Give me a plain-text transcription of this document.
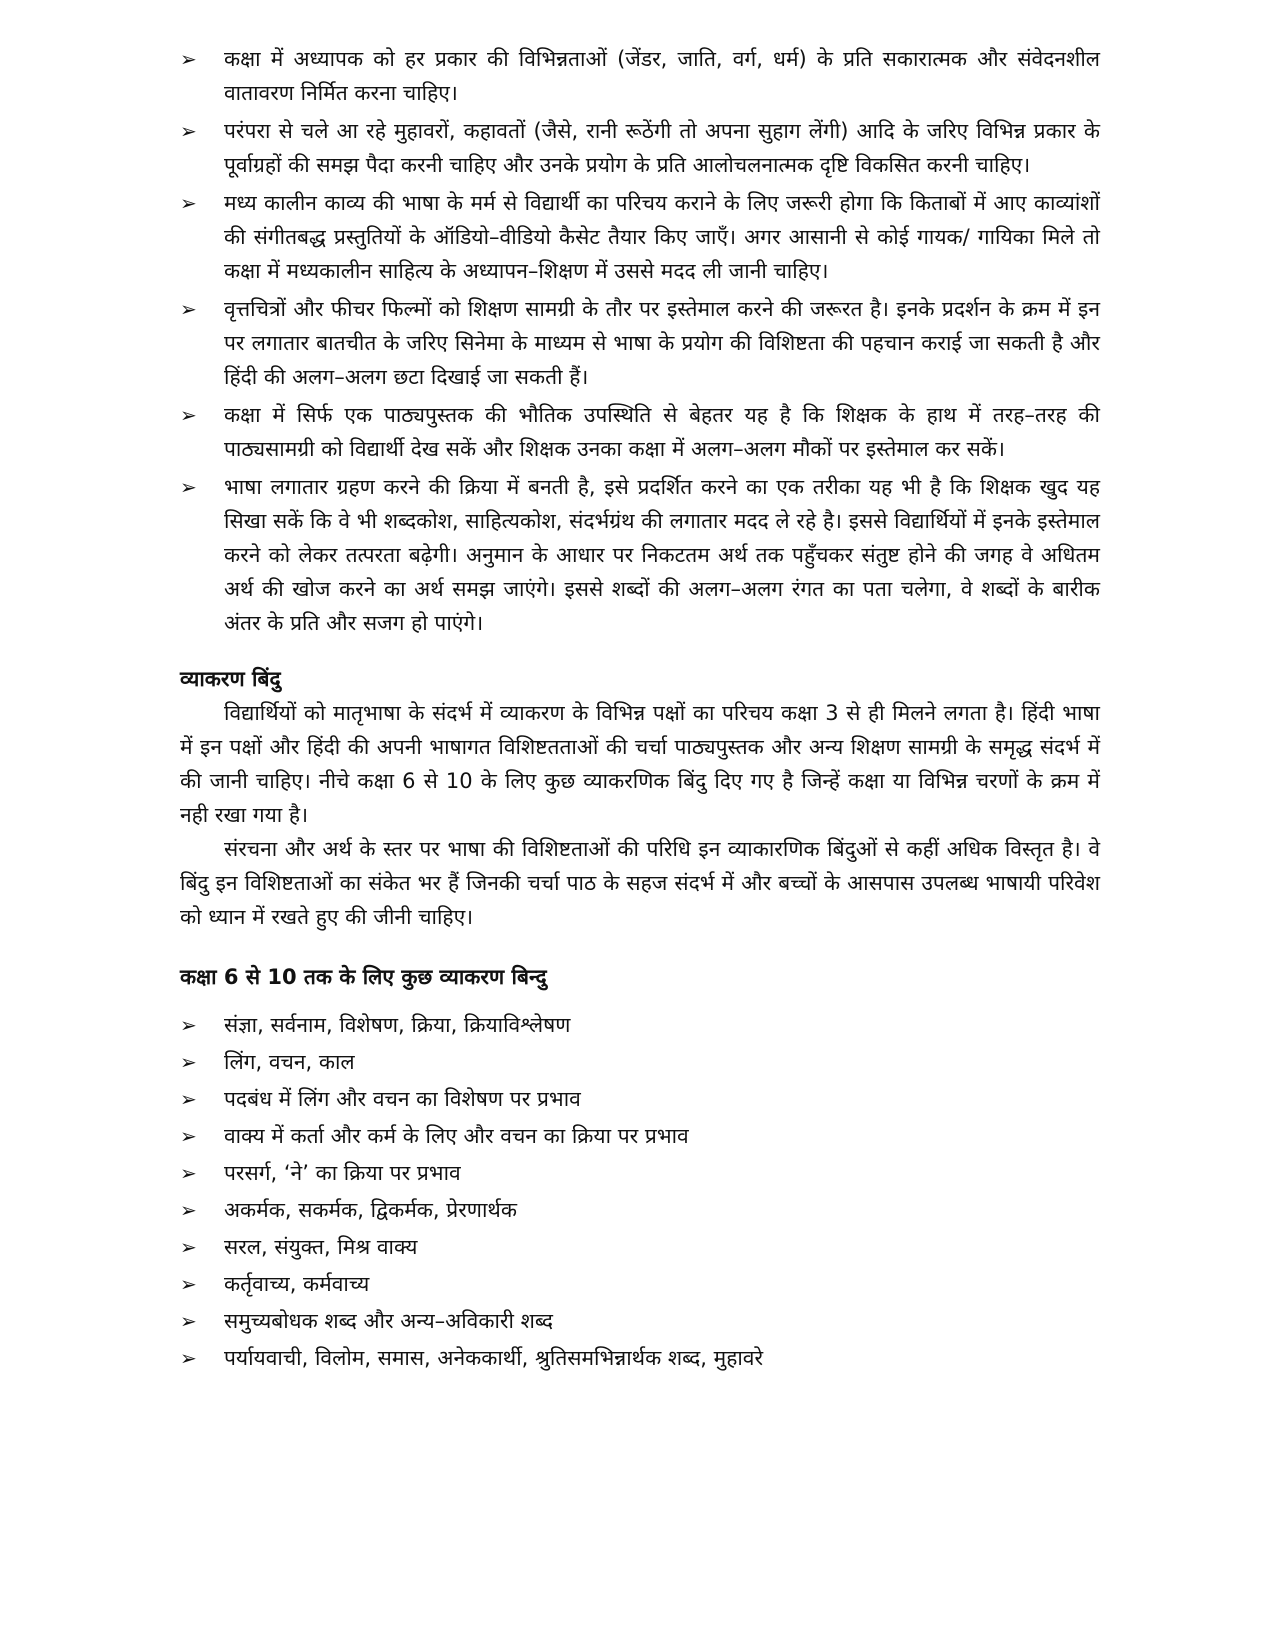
➢ कक्षा में अध्यापक को हर प्रकार की विभिन्नताओं (जेंडर, जाति, वर्ग, धर्म) के प्रति सकारात्मक और संवेदनशील वातावरण निर्मित करना चाहिए।
➢ परंपरा से चले आ रहे मुहावरों, कहावतों (जैसे, रानी रूठेंगी तो अपना सुहाग लेंगी) आदि के जरिए विभिन्न प्रकार के पूर्वाग्रहों की समझ पैदा करनी चाहिए और उनके प्रयोग के प्रति आलोचलनात्मक दृष्टि विकसित करनी चाहिए।
➢ मध्य कालीन काव्य की भाषा के मर्म से विद्यार्थी का परिचय कराने के लिए जरूरी होगा कि किताबों में आए काव्यांशों की संगीतबद्ध प्रस्तुतियों के ऑडियो–वीडियो कैसेट तैयार किए जाएँ। अगर आसानी से कोई गायक/ गायिका मिले तो कक्षा में मध्यकालीन साहित्य के अध्यापन–शिक्षण में उससे मदद ली जानी चाहिए।
➢ वृत्तचित्रों और फीचर फिल्मों को शिक्षण सामग्री के तौर पर इस्तेमाल करने की जरूरत है। इनके प्रदर्शन के क्रम में इन पर लगातार बातचीत के जरिए सिनेमा के माध्यम से भाषा के प्रयोग की विशिष्टता की पहचान कराई जा सकती है और हिंदी की अलग–अलग छटा दिखाई जा सकती हैं।
➢ कक्षा में सिर्फ एक पाठ्यपुस्तक की भौतिक उपस्थिति से बेहतर यह है कि शिक्षक के हाथ में तरह–तरह की पाठ्यसामग्री को विद्यार्थी देख सकें और शिक्षक उनका कक्षा में अलग–अलग मौकों पर इस्तेमाल कर सकें।
➢ भाषा लगातार ग्रहण करने की क्रिया में बनती है, इसे प्रदर्शित करने का एक तरीका यह भी है कि शिक्षक खुद यह सिखा सकें कि वे भी शब्दकोश, साहित्यकोश, संदर्भग्रंथ की लगातार मदद ले रहे है। इससे विद्यार्थियों में इनके इस्तेमाल करने को लेकर तत्परता बढ़ेगी। अनुमान के आधार पर निकटतम अर्थ तक पहुँचकर संतुष्ट होने की जगह वे अधितम अर्थ की खोज करने का अर्थ समझ जाएंगे। इससे शब्दों की अलग–अलग रंगत का पता चलेगा, वे शब्दों के बारीक अंतर के प्रति और सजग हो पाएंगे।
व्याकरण बिंदु

विद्यार्थियों को मातृभाषा के संदर्भ में व्याकरण के विभिन्न पक्षों का परिचय कक्षा 3 से ही मिलने लगता है। हिंदी भाषा में इन पक्षों और हिंदी की अपनी भाषागत विशिष्टतताओं की चर्चा पाठ्यपुस्तक और अन्य शिक्षण सामग्री के समृद्ध संदर्भ में की जानी चाहिए। नीचे कक्षा 6 से 10 के लिए कुछ व्याकरणिक बिंदु दिए गए है जिन्हें कक्षा या विभिन्न चरणों के क्रम में नही रखा गया है।

संरचना और अर्थ के स्तर पर भाषा की विशिष्टताओं की परिधि इन व्याकारणिक बिंदुओं से कहीं अधिक विस्तृत है। वे बिंदु इन विशिष्टताओं का संकेत भर हैं जिनकी चर्चा पाठ के सहज संदर्भ में और बच्चों के आसपास उपलब्ध भाषायी परिवेश को ध्यान में रखते हुए की जीनी चाहिए।

कक्षा 6 से 10 तक के लिए कुछ व्याकरण बिन्दु
➢ संज्ञा, सर्वनाम, विशेषण, क्रिया, क्रियाविश्लेषण
➢ लिंग, वचन, काल
➢ पदबंध में लिंग और वचन का विशेषण पर प्रभाव
➢ वाक्य में कर्ता और कर्म के लिए और वचन का क्रिया पर प्रभाव
➢ परसर्ग, ‘ने’ का क्रिया पर प्रभाव
➢ अकर्मक, सकर्मक, द्विकर्मक, प्रेरणार्थक
➢ सरल, संयुक्त, मिश्र वाक्य
➢ कर्तृवाच्य, कर्मवाच्य
➢ समुच्यबोधक शब्द और अन्य–अविकारी शब्द
➢ पर्यायवाची, विलोम, समास, अनेककार्थी, श्रुतिसमभिन्नार्थक शब्द, मुहावरे
